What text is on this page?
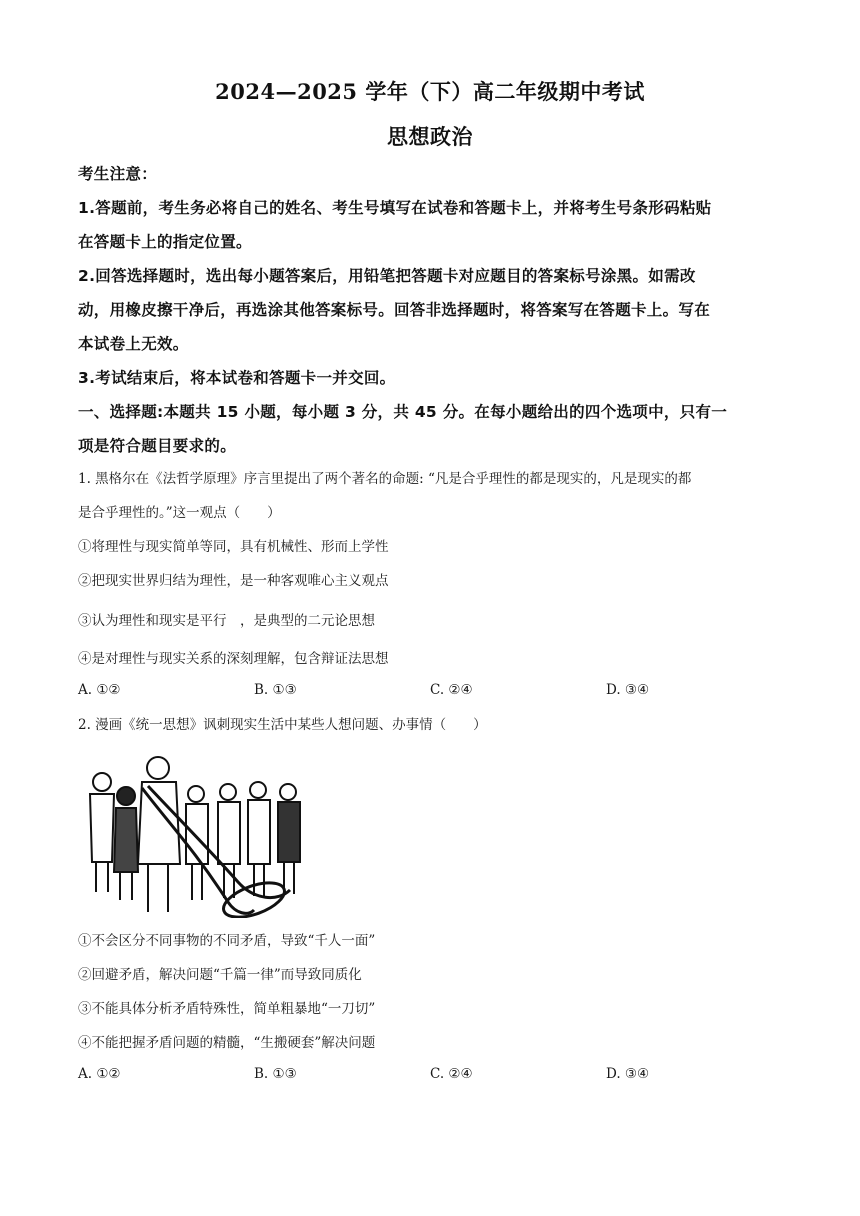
2024—2025 学年（下）高二年级期中考试
思想政治
考生注意：
1.答题前，考生务必将自己的姓名、考生号填写在试卷和答题卡上，并将考生号条形码粘贴
在答题卡上的指定位置。
2.回答选择题时，选出每小题答案后，用铅笔把答题卡对应题目的答案标号涂黑。如需改
动，用橡皮擦干净后，再选涂其他答案标号。回答非选择题时，将答案写在答题卡上。写在
本试卷上无效。
3.考试结束后，将本试卷和答题卡一并交回。
一、选择题:本题共 15 小题，每小题 3 分，共 45 分。在每小题给出的四个选项中，只有一
项是符合题目要求的。
1. 黑格尔在《法哲学原理》序言里提出了两个著名的命题: “凡是合乎理性的都是现实的，凡是现实的都
是合乎理性的。”这一观点（　　）
①将理性与现实简单等同，具有机械性、形而上学性
②把现实世界归结为理性，是一种客观唯心主义观点
③认为理性和现实是平行　，是典型的二元论思想
④是对理性与现实关系的深刻理解，包含辩证法思想
A. ①②	B. ①③	C. ②④	D. ③④
2. 漫画《统一思想》讽刺现实生活中某些人想问题、办事情（　　）
①不会区分不同事物的不同矛盾，导致“千人一面”
②回避矛盾，解决问题“千篇一律”而导致同质化
③不能具体分析矛盾特殊性，简单粗暴地“一刀切”
④不能把握矛盾问题的精髓，“生搬硬套”解决问题
A. ①②	B. ①③	C. ②④	D. ③④
